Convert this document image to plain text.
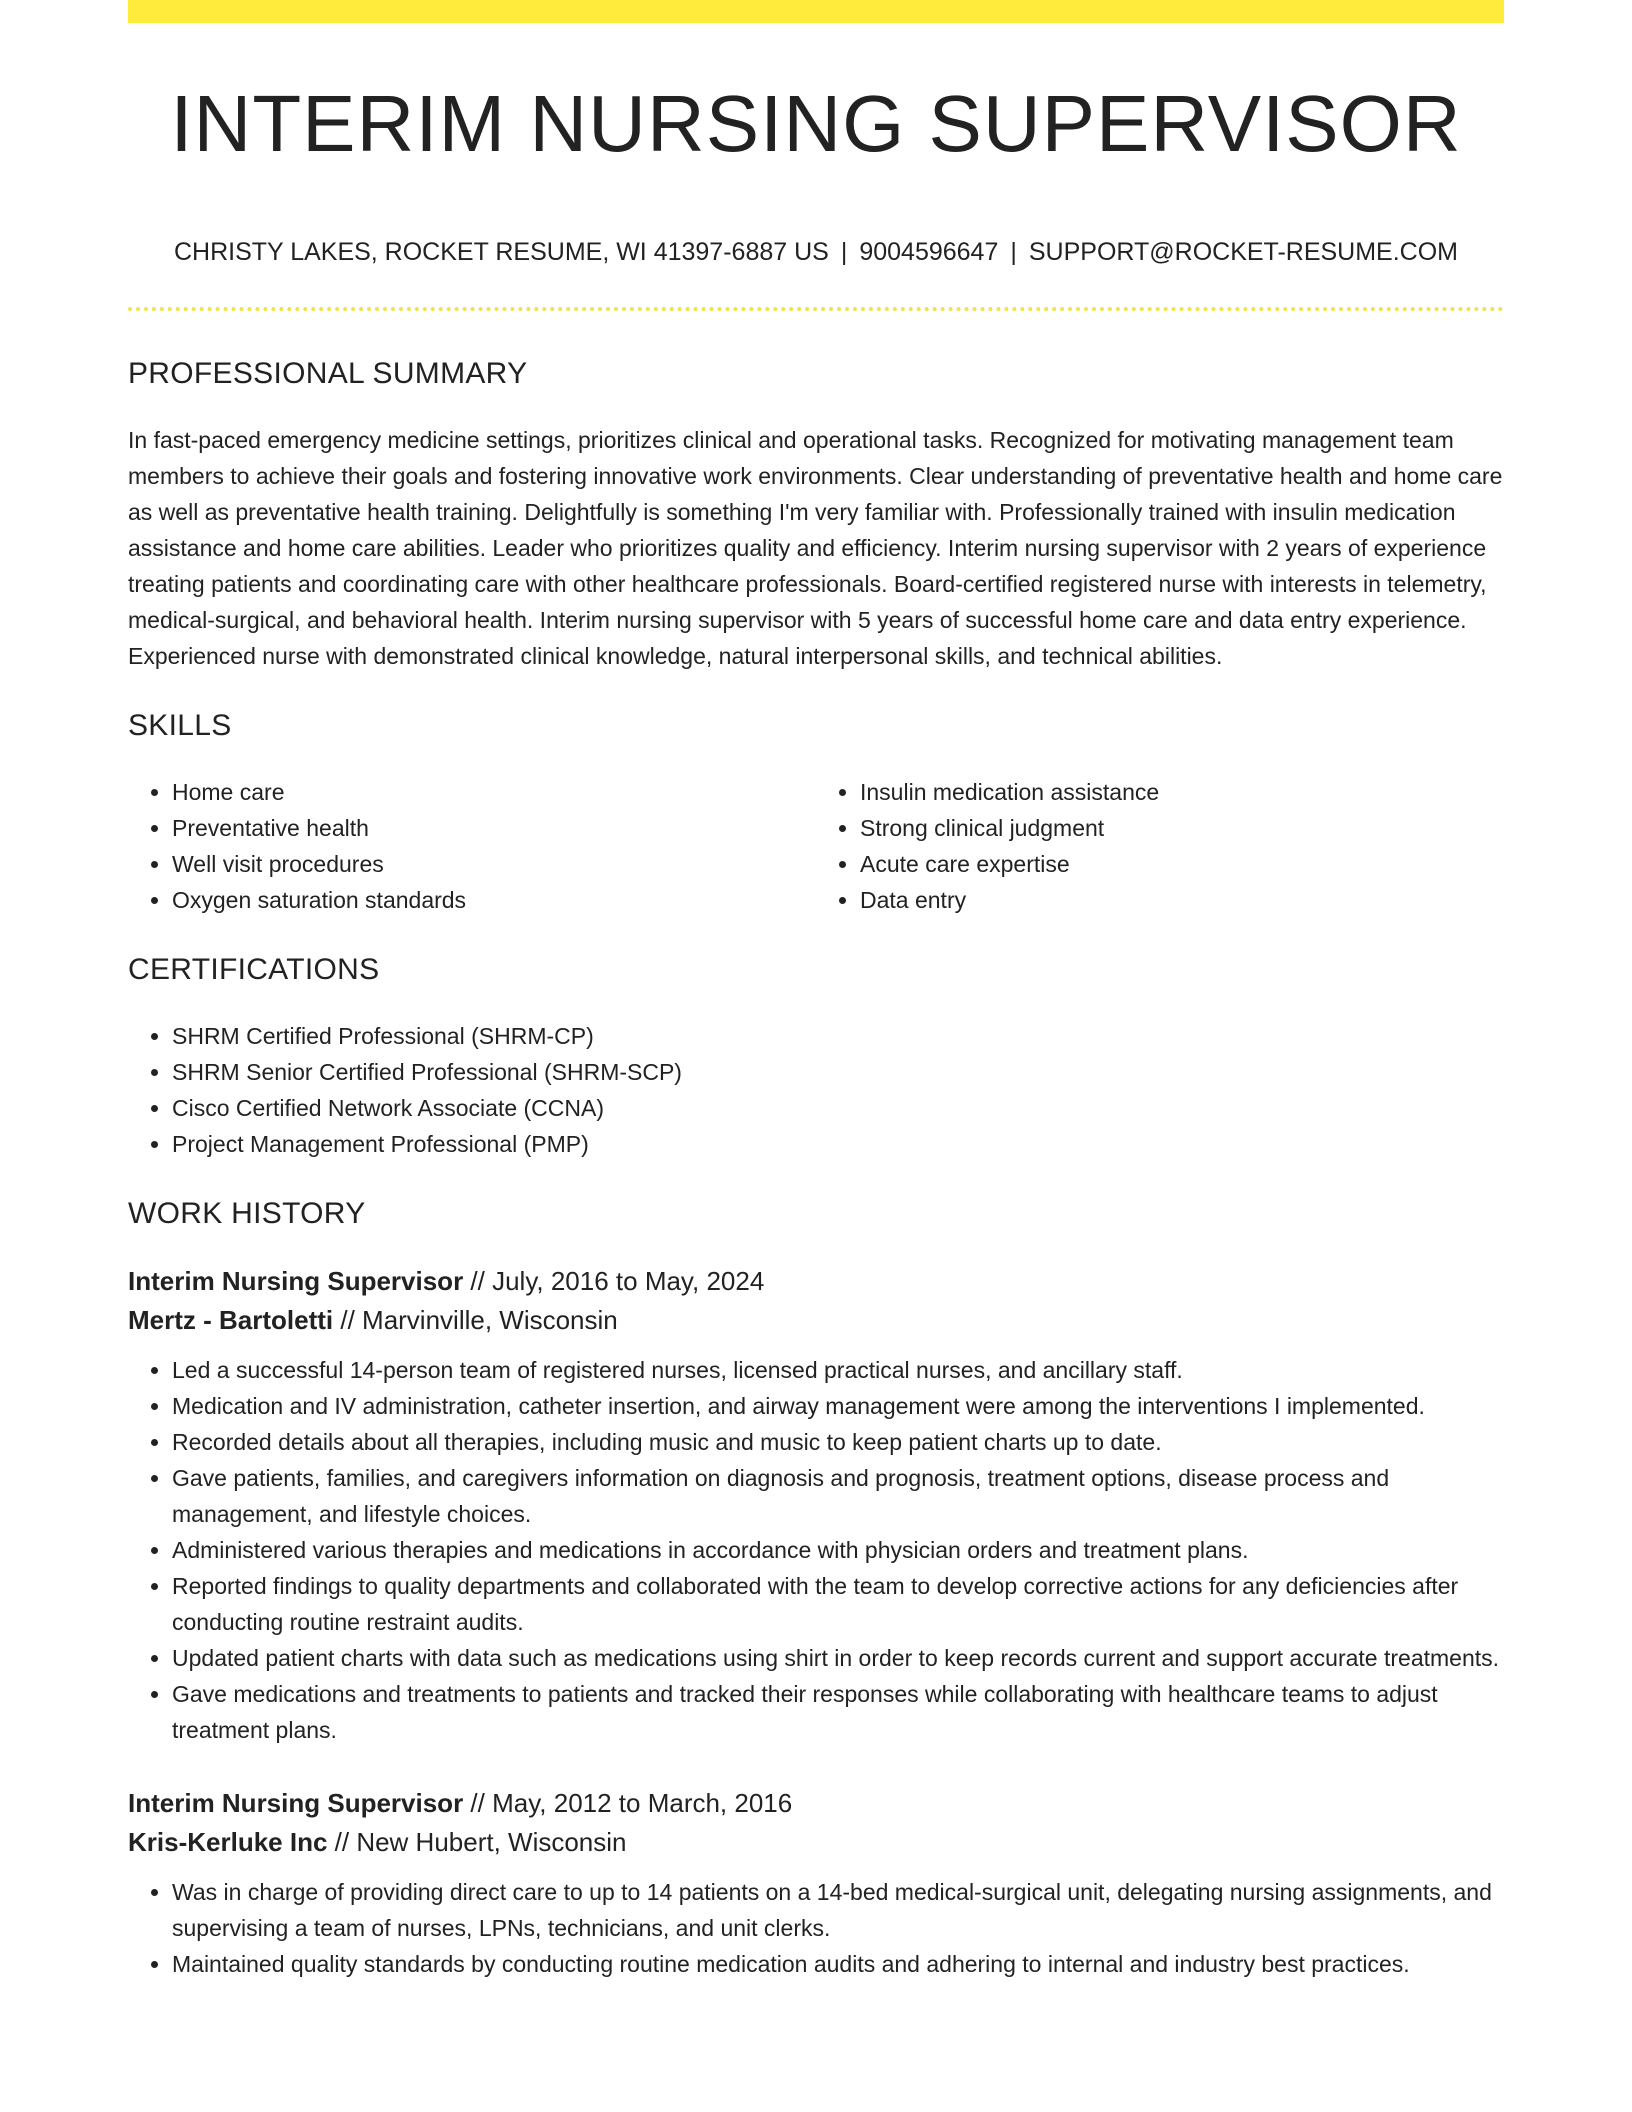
INTERIM NURSING SUPERVISOR
CHRISTY LAKES, ROCKET RESUME, WI 41397-6887 US | 9004596647 | SUPPORT@ROCKET-RESUME.COM
PROFESSIONAL SUMMARY

In fast-paced emergency medicine settings, prioritizes clinical and operational tasks. Recognized for motivating management team members to achieve their goals and fostering innovative work environments. Clear understanding of preventative health and home care as well as preventative health training. Delightfully is something I'm very familiar with. Professionally trained with insulin medication assistance and home care abilities. Leader who prioritizes quality and efficiency. Interim nursing supervisor with 2 years of experience treating patients and coordinating care with other healthcare professionals. Board-certified registered nurse with interests in telemetry, medical-surgical, and behavioral health. Interim nursing supervisor with 5 years of successful home care and data entry experience. Experienced nurse with demonstrated clinical knowledge, natural interpersonal skills, and technical abilities.

SKILLS
• Home care
• Preventative health
• Well visit procedures
• Oxygen saturation standards
• Insulin medication assistance
• Strong clinical judgment
• Acute care expertise
• Data entry
CERTIFICATIONS
• SHRM Certified Professional (SHRM-CP)
• SHRM Senior Certified Professional (SHRM-SCP)
• Cisco Certified Network Associate (CCNA)
• Project Management Professional (PMP)
WORK HISTORY
Interim Nursing Supervisor // July, 2016 to May, 2024
Mertz - Bartoletti // Marvinville, Wisconsin
• Led a successful 14-person team of registered nurses, licensed practical nurses, and ancillary staff.
• Medication and IV administration, catheter insertion, and airway management were among the interventions I implemented.
• Recorded details about all therapies, including music and music to keep patient charts up to date.
• Gave patients, families, and caregivers information on diagnosis and prognosis, treatment options, disease process and management, and lifestyle choices.
• Administered various therapies and medications in accordance with physician orders and treatment plans.
• Reported findings to quality departments and collaborated with the team to develop corrective actions for any deficiencies after conducting routine restraint audits.
• Updated patient charts with data such as medications using shirt in order to keep records current and support accurate treatments.
• Gave medications and treatments to patients and tracked their responses while collaborating with healthcare teams to adjust treatment plans.
Interim Nursing Supervisor // May, 2012 to March, 2016
Kris-Kerluke Inc // New Hubert, Wisconsin
• Was in charge of providing direct care to up to 14 patients on a 14-bed medical-surgical unit, delegating nursing assignments, and supervising a team of nurses, LPNs, technicians, and unit clerks.
• Maintained quality standards by conducting routine medication audits and adhering to internal and industry best practices.
